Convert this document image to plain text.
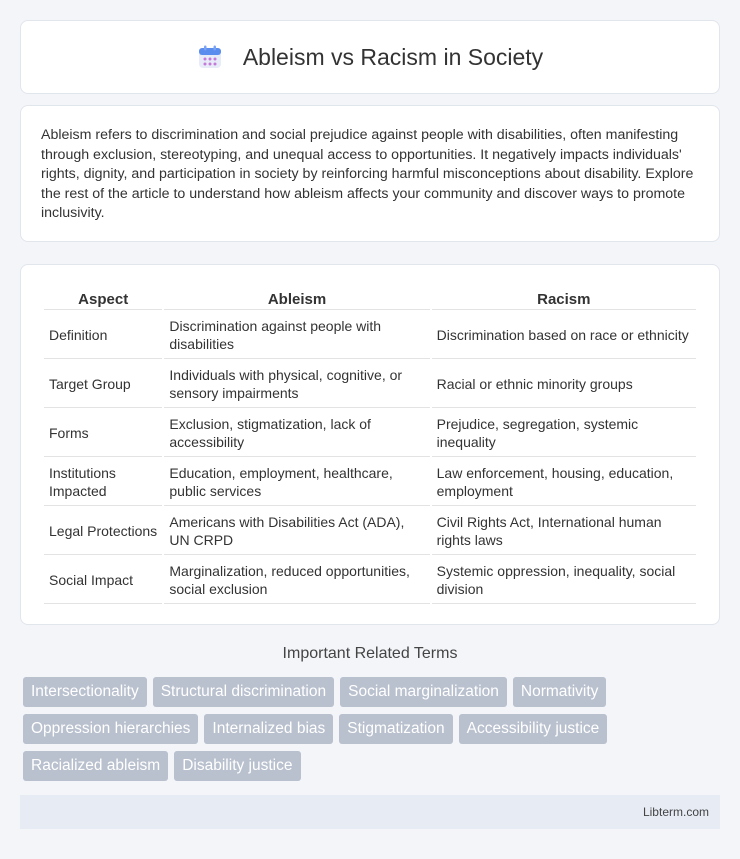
Ableism vs Racism in Society

Ableism refers to discrimination and social prejudice against people with disabilities, often manifesting through exclusion, stereotyping, and unequal access to opportunities. It negatively impacts individuals' rights, dignity, and participation in society by reinforcing harmful misconceptions about disability. Explore the rest of the article to understand how ableism affects your community and discover ways to promote inclusivity.

Aspect	Ableism	Racism
Definition	Discrimination against people with disabilities	Discrimination based on race or ethnicity
Target Group	Individuals with physical, cognitive, or sensory impairments	Racial or ethnic minority groups
Forms	Exclusion, stigmatization, lack of accessibility	Prejudice, segregation, systemic inequality
Institutions Impacted	Education, employment, healthcare, public services	Law enforcement, housing, education, employment
Legal Protections	Americans with Disabilities Act (ADA), UN CRPD	Civil Rights Act, International human rights laws
Social Impact	Marginalization, reduced opportunities, social exclusion	Systemic oppression, inequality, social division
Important Related Terms
Intersectionality	Structural discrimination	Social marginalization	Normativity
Oppression hierarchies	Internalized bias	Stigmatization	Accessibility justice
Racialized ableism	Disability justice
Libterm.com
